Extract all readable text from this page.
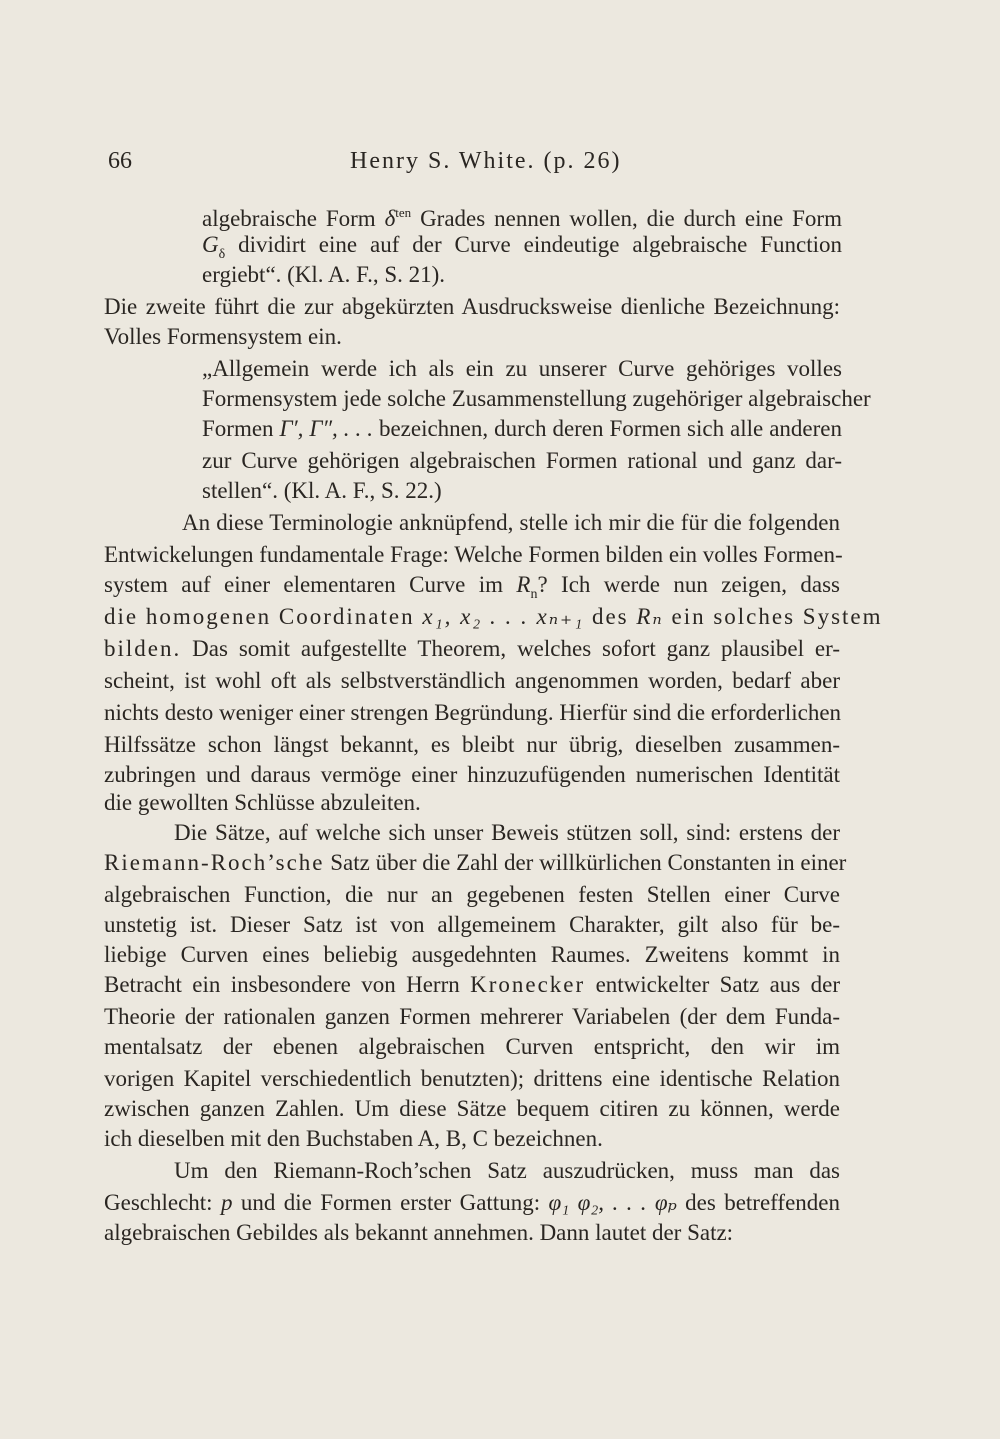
66	Henry S. White. (p. 26)
algebraische Form $\delta^{ten}$ Grades nennen wollen, die durch eine Form
$G_\delta$ dividirt eine auf der Curve eindeutige algebraische Function
ergiebt“. (Kl. A. F., S. 21).
Die zweite führt die zur abgekürzten Ausdrucksweise dienliche Bezeichnung:
Volles Formensystem ein.
„Allgemein werde ich als ein zu unserer Curve gehöriges volles
Formensystem jede solche Zusammenstellung zugehöriger algebraischer
Formen Γ′, Γ″, . . . bezeichnen, durch deren Formen sich alle anderen
zur Curve gehörigen algebraischen Formen rational und ganz dar-
stellen“. (Kl. A. F., S. 22.)
An diese Terminologie anknüpfend, stelle ich mir die für die folgenden
Entwickelungen fundamentale Frage: Welche Formen bilden ein volles Formen-
system auf einer elementaren Curve im $R_n$? Ich werde nun zeigen, dass
die homogenen Coordinaten x₁, x₂ . . . xₙ₊₁ des Rₙ ein solches System
bilden. Das somit aufgestellte Theorem, welches sofort ganz plausibel er-
scheint, ist wohl oft als selbstverständlich angenommen worden, bedarf aber
nichts desto weniger einer strengen Begründung. Hierfür sind die erforderlichen
Hilfssätze schon längst bekannt, es bleibt nur übrig, dieselben zusammen-
zubringen und daraus vermöge einer hinzuzufügenden numerischen Identität
die gewollten Schlüsse abzuleiten.
Die Sätze, auf welche sich unser Beweis stützen soll, sind: erstens der
Riemann-Roch’sche Satz über die Zahl der willkürlichen Constanten in einer
algebraischen Function, die nur an gegebenen festen Stellen einer Curve
unstetig ist. Dieser Satz ist von allgemeinem Charakter, gilt also für be-
liebige Curven eines beliebig ausgedehnten Raumes. Zweitens kommt in
Betracht ein insbesondere von Herrn Kronecker entwickelter Satz aus der
Theorie der rationalen ganzen Formen mehrerer Variabelen (der dem Funda-
mentalsatz der ebenen algebraischen Curven entspricht, den wir im
vorigen Kapitel verschiedentlich benutzten); drittens eine identische Relation
zwischen ganzen Zahlen. Um diese Sätze bequem citiren zu können, werde
ich dieselben mit den Buchstaben A, B, C bezeichnen.
Um den Riemann-Roch’schen Satz auszudrücken, muss man das
Geschlecht: p und die Formen erster Gattung: φ₁ φ₂, . . . φₚ des betreffenden
algebraischen Gebildes als bekannt annehmen. Dann lautet der Satz:
